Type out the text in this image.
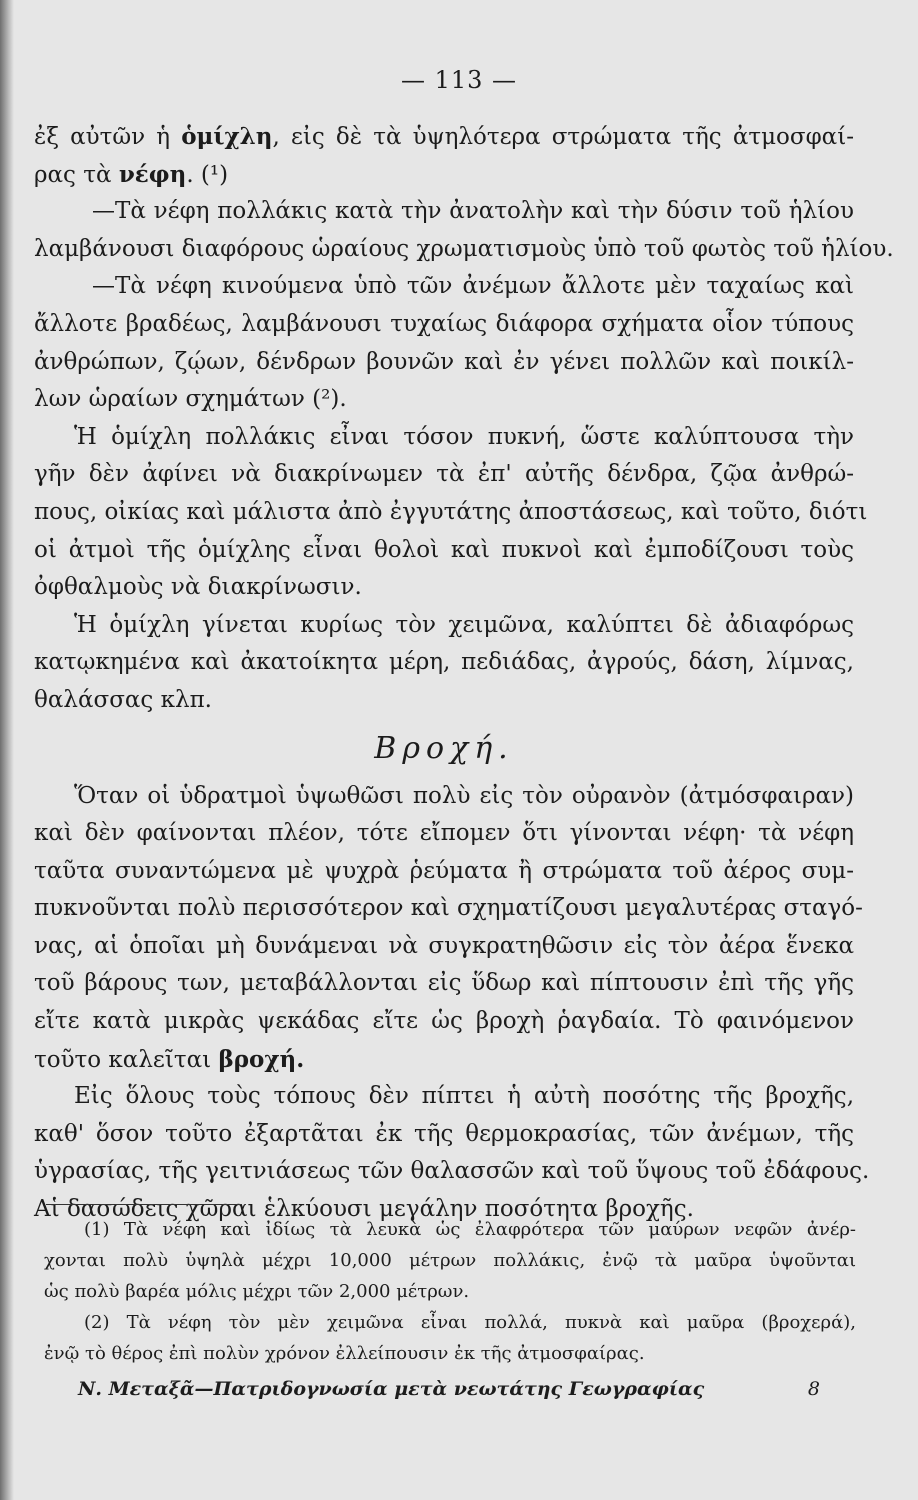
— 113 —
ἐξ αὐτῶν ἡ ὁμίχλη, εἰς δὲ τὰ ὑψηλότερα στρώματα τῆς ἀτμοσφαί-
ρας τὰ νέφη. (¹)
—Τὰ νέφη πολλάκις κατὰ τὴν ἀνατολὴν καὶ τὴν δύσιν τοῦ ἡλίου
λαμβάνουσι διαφόρους ὡραίους χρωματισμοὺς ὑπὸ τοῦ φωτὸς τοῦ ἡλίου.
—Τὰ νέφη κινούμενα ὑπὸ τῶν ἀνέμων ἄλλοτε μὲν ταχαίως καὶ
ἄλλοτε βραδέως, λαμβάνουσι τυχαίως διάφορα σχήματα οἷον τύπους
ἀνθρώπων, ζῴων, δένδρων βουνῶν καὶ ἐν γένει πολλῶν καὶ ποικίλ-
λων ὡραίων σχημάτων (²).
Ἡ ὁμίχλη πολλάκις εἶναι τόσον πυκνή, ὥστε καλύπτουσα τὴν
γῆν δὲν ἀφίνει νὰ διακρίνωμεν τὰ ἐπ' αὐτῆς δένδρα, ζῷα ἀνθρώ-
πους, οἰκίας καὶ μάλιστα ἀπὸ ἐγγυτάτης ἀποστάσεως, καὶ τοῦτο, διότι
οἱ ἀτμοὶ τῆς ὁμίχλης εἶναι θολοὶ καὶ πυκνοὶ καὶ ἐμποδίζουσι τοὺς
ὀφθαλμοὺς νὰ διακρίνωσιν.
Ἡ ὁμίχλη γίνεται κυρίως τὸν χειμῶνα, καλύπτει δὲ ἀδιαφόρως
κατῳκημένα καὶ ἀκατοίκητα μέρη, πεδιάδας, ἀγρούς, δάση, λίμνας,
θαλάσσας κλπ.
Βροχή.
Ὅταν οἱ ὑδρατμοὶ ὑψωθῶσι πολὺ εἰς τὸν οὐρανὸν (ἀτμόσφαιραν)
καὶ δὲν φαίνονται πλέον, τότε εἴπομεν ὅτι γίνονται νέφη· τὰ νέφη
ταῦτα συναντώμενα μὲ ψυχρὰ ῥεύματα ἢ στρώματα τοῦ ἀέρος συμ-
πυκνοῦνται πολὺ περισσότερον καὶ σχηματίζουσι μεγαλυτέρας σταγό-
νας, αἱ ὁποῖαι μὴ δυνάμεναι νὰ συγκρατηθῶσιν εἰς τὸν ἀέρα ἕνεκα
τοῦ βάρους των, μεταβάλλονται εἰς ὕδωρ καὶ πίπτουσιν ἐπὶ τῆς γῆς
εἴτε κατὰ μικρὰς ψεκάδας εἴτε ὡς βροχὴ ῥαγδαία. Τὸ φαινόμενον
τοῦτο καλεῖται βροχή.
Εἰς ὅλους τοὺς τόπους δὲν πίπτει ἡ αὐτὴ ποσότης τῆς βροχῆς,
καθ' ὅσον τοῦτο ἐξαρτᾶται ἐκ τῆς θερμοκρασίας, τῶν ἀνέμων, τῆς
ὑγρασίας, τῆς γειτνιάσεως τῶν θαλασσῶν καὶ τοῦ ὕψους τοῦ ἐδάφους.
Αἱ δασώδεις χῶραι ἑλκύουσι μεγάλην ποσότητα βροχῆς.
(1) Τὰ νέφη καὶ ἰδίως τὰ λευκὰ ὡς ἐλαφρότερα τῶν μαύρων νεφῶν ἀνέρ-
χονται πολὺ ὑψηλὰ μέχρι 10,000 μέτρων πολλάκις, ἐνῷ τὰ μαῦρα ὑψοῦνται
ὡς πολὺ βαρέα μόλις μέχρι τῶν 2,000 μέτρων.
(2) Τὰ νέφη τὸν μὲν χειμῶνα εἶναι πολλά, πυκνὰ καὶ μαῦρα (βροχερά),
ἐνῷ τὸ θέρος ἐπὶ πολὺν χρόνον ἐλλείπουσιν ἐκ τῆς ἀτμοσφαίρας.
Ν. Μεταξᾶ—Πατριδογνωσία μετὰ νεωτάτης Γεωγραφίας	8
